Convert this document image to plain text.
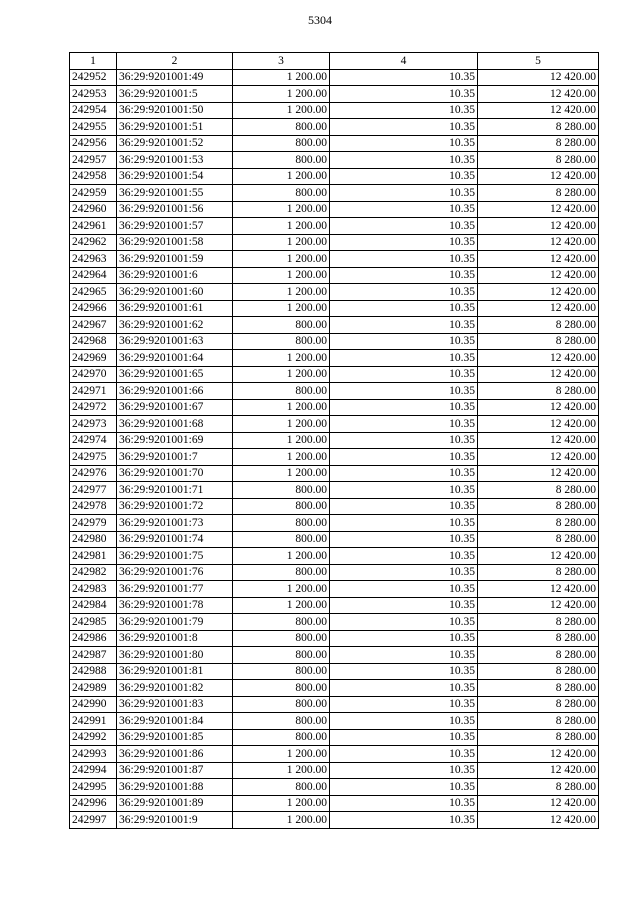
5304
1	2	3	4	5
242952	36:29:9201001:49	1 200.00	10.35	12 420.00
242953	36:29:9201001:5	1 200.00	10.35	12 420.00
242954	36:29:9201001:50	1 200.00	10.35	12 420.00
242955	36:29:9201001:51	800.00	10.35	8 280.00
242956	36:29:9201001:52	800.00	10.35	8 280.00
242957	36:29:9201001:53	800.00	10.35	8 280.00
242958	36:29:9201001:54	1 200.00	10.35	12 420.00
242959	36:29:9201001:55	800.00	10.35	8 280.00
242960	36:29:9201001:56	1 200.00	10.35	12 420.00
242961	36:29:9201001:57	1 200.00	10.35	12 420.00
242962	36:29:9201001:58	1 200.00	10.35	12 420.00
242963	36:29:9201001:59	1 200.00	10.35	12 420.00
242964	36:29:9201001:6	1 200.00	10.35	12 420.00
242965	36:29:9201001:60	1 200.00	10.35	12 420.00
242966	36:29:9201001:61	1 200.00	10.35	12 420.00
242967	36:29:9201001:62	800.00	10.35	8 280.00
242968	36:29:9201001:63	800.00	10.35	8 280.00
242969	36:29:9201001:64	1 200.00	10.35	12 420.00
242970	36:29:9201001:65	1 200.00	10.35	12 420.00
242971	36:29:9201001:66	800.00	10.35	8 280.00
242972	36:29:9201001:67	1 200.00	10.35	12 420.00
242973	36:29:9201001:68	1 200.00	10.35	12 420.00
242974	36:29:9201001:69	1 200.00	10.35	12 420.00
242975	36:29:9201001:7	1 200.00	10.35	12 420.00
242976	36:29:9201001:70	1 200.00	10.35	12 420.00
242977	36:29:9201001:71	800.00	10.35	8 280.00
242978	36:29:9201001:72	800.00	10.35	8 280.00
242979	36:29:9201001:73	800.00	10.35	8 280.00
242980	36:29:9201001:74	800.00	10.35	8 280.00
242981	36:29:9201001:75	1 200.00	10.35	12 420.00
242982	36:29:9201001:76	800.00	10.35	8 280.00
242983	36:29:9201001:77	1 200.00	10.35	12 420.00
242984	36:29:9201001:78	1 200.00	10.35	12 420.00
242985	36:29:9201001:79	800.00	10.35	8 280.00
242986	36:29:9201001:8	800.00	10.35	8 280.00
242987	36:29:9201001:80	800.00	10.35	8 280.00
242988	36:29:9201001:81	800.00	10.35	8 280.00
242989	36:29:9201001:82	800.00	10.35	8 280.00
242990	36:29:9201001:83	800.00	10.35	8 280.00
242991	36:29:9201001:84	800.00	10.35	8 280.00
242992	36:29:9201001:85	800.00	10.35	8 280.00
242993	36:29:9201001:86	1 200.00	10.35	12 420.00
242994	36:29:9201001:87	1 200.00	10.35	12 420.00
242995	36:29:9201001:88	800.00	10.35	8 280.00
242996	36:29:9201001:89	1 200.00	10.35	12 420.00
242997	36:29:9201001:9	1 200.00	10.35	12 420.00
